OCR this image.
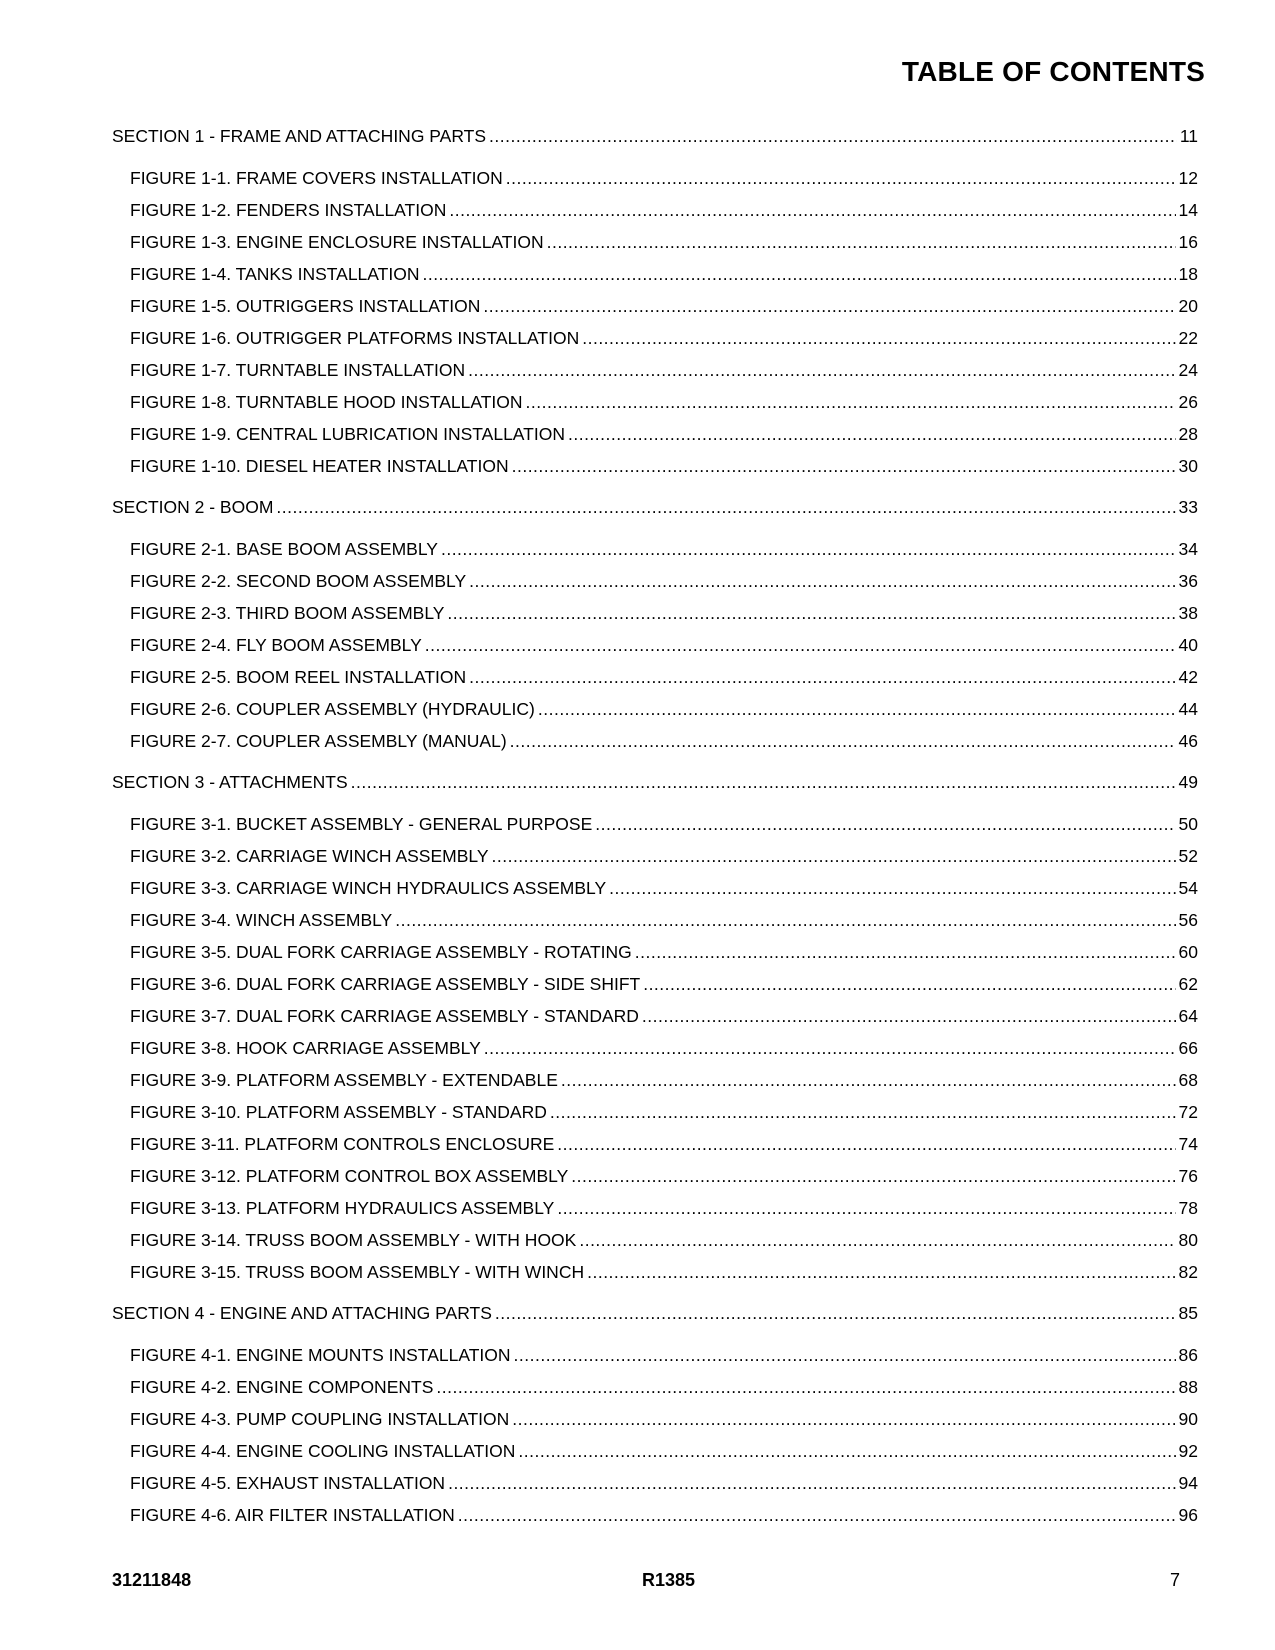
TABLE OF CONTENTS
SECTION 1 - FRAME AND ATTACHING PARTS .....	11
FIGURE 1-1. FRAME COVERS INSTALLATION .....	12
FIGURE 1-2. FENDERS INSTALLATION .....	14
FIGURE 1-3. ENGINE ENCLOSURE INSTALLATION .....	16
FIGURE 1-4. TANKS INSTALLATION .....	18
FIGURE 1-5. OUTRIGGERS INSTALLATION .....	20
FIGURE 1-6. OUTRIGGER PLATFORMS INSTALLATION .....	22
FIGURE 1-7. TURNTABLE INSTALLATION .....	24
FIGURE 1-8. TURNTABLE HOOD INSTALLATION .....	26
FIGURE 1-9. CENTRAL LUBRICATION INSTALLATION .....	28
FIGURE 1-10. DIESEL HEATER INSTALLATION .....	30
SECTION 2 - BOOM .....	33
FIGURE 2-1. BASE BOOM ASSEMBLY .....	34
FIGURE 2-2. SECOND BOOM ASSEMBLY .....	36
FIGURE 2-3. THIRD BOOM ASSEMBLY .....	38
FIGURE 2-4. FLY BOOM ASSEMBLY .....	40
FIGURE 2-5. BOOM REEL INSTALLATION .....	42
FIGURE 2-6. COUPLER ASSEMBLY (HYDRAULIC) .....	44
FIGURE 2-7. COUPLER ASSEMBLY (MANUAL) .....	46
SECTION 3 - ATTACHMENTS .....	49
FIGURE 3-1. BUCKET ASSEMBLY - GENERAL PURPOSE .....	50
FIGURE 3-2. CARRIAGE WINCH ASSEMBLY .....	52
FIGURE 3-3. CARRIAGE WINCH HYDRAULICS ASSEMBLY .....	54
FIGURE 3-4. WINCH ASSEMBLY .....	56
FIGURE 3-5. DUAL FORK CARRIAGE ASSEMBLY - ROTATING .....	60
FIGURE 3-6. DUAL FORK CARRIAGE ASSEMBLY - SIDE SHIFT .....	62
FIGURE 3-7. DUAL FORK CARRIAGE ASSEMBLY - STANDARD .....	64
FIGURE 3-8. HOOK CARRIAGE ASSEMBLY .....	66
FIGURE 3-9. PLATFORM ASSEMBLY - EXTENDABLE .....	68
FIGURE 3-10. PLATFORM ASSEMBLY - STANDARD .....	72
FIGURE 3-11. PLATFORM CONTROLS ENCLOSURE .....	74
FIGURE 3-12. PLATFORM CONTROL BOX ASSEMBLY .....	76
FIGURE 3-13. PLATFORM HYDRAULICS ASSEMBLY .....	78
FIGURE 3-14. TRUSS BOOM ASSEMBLY - WITH HOOK .....	80
FIGURE 3-15. TRUSS BOOM ASSEMBLY - WITH WINCH .....	82
SECTION 4 - ENGINE AND ATTACHING PARTS .....	85
FIGURE 4-1. ENGINE MOUNTS INSTALLATION .....	86
FIGURE 4-2. ENGINE COMPONENTS .....	88
FIGURE 4-3. PUMP COUPLING INSTALLATION .....	90
FIGURE 4-4. ENGINE COOLING INSTALLATION .....	92
FIGURE 4-5. EXHAUST INSTALLATION .....	94
FIGURE 4-6. AIR FILTER INSTALLATION .....	96
31211848	R1385	7
